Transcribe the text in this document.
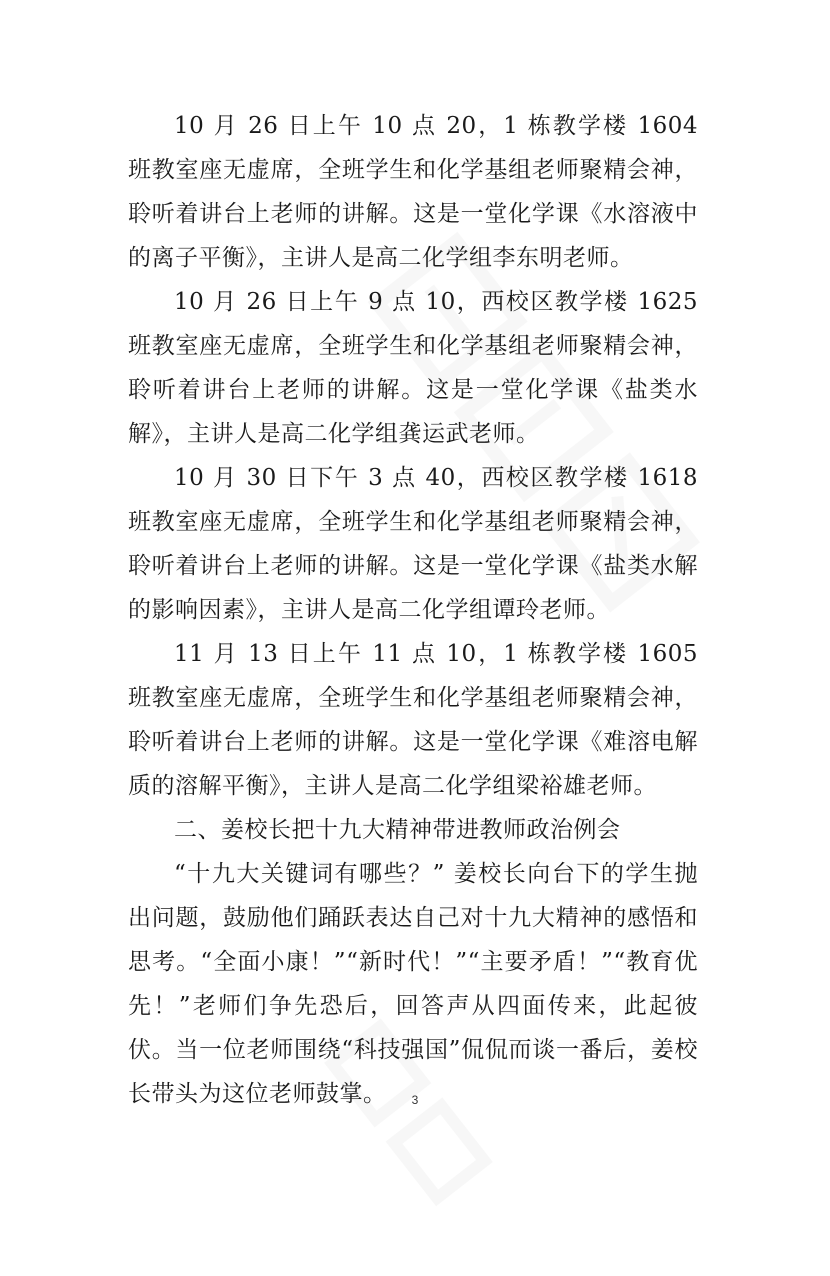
10 月 26 日上午 10 点 20，1 栋教学楼 1604 班教室座无虚席，全班学生和化学基组老师聚精会神，聆听着讲台上老师的讲解。这是一堂化学课《水溶液中的离子平衡》，主讲人是高二化学组李东明老师。

10 月 26 日上午 9 点 10，西校区教学楼 1625 班教室座无虚席，全班学生和化学基组老师聚精会神，聆听着讲台上老师的讲解。这是一堂化学课《盐类水解》，主讲人是高二化学组龚运武老师。

10 月 30 日下午 3 点 40，西校区教学楼 1618 班教室座无虚席，全班学生和化学基组老师聚精会神，聆听着讲台上老师的讲解。这是一堂化学课《盐类水解的影响因素》，主讲人是高二化学组谭玲老师。

11 月 13 日上午 11 点 10，1 栋教学楼 1605 班教室座无虚席，全班学生和化学基组老师聚精会神，聆听着讲台上老师的讲解。这是一堂化学课《难溶电解质的溶解平衡》，主讲人是高二化学组梁裕雄老师。

二、姜校长把十九大精神带进教师政治例会

“十九大关键词有哪些？” 姜校长向台下的学生抛出问题，鼓励他们踊跃表达自己对十九大精神的感悟和思考。“全面小康！”“新时代！”“主要矛盾！”“教育优先！”老师们争先恐后，回答声从四面传来，此起彼伏。当一位老师围绕“科技强国”侃侃而谈一番后，姜校长带头为这位老师鼓掌。	3
